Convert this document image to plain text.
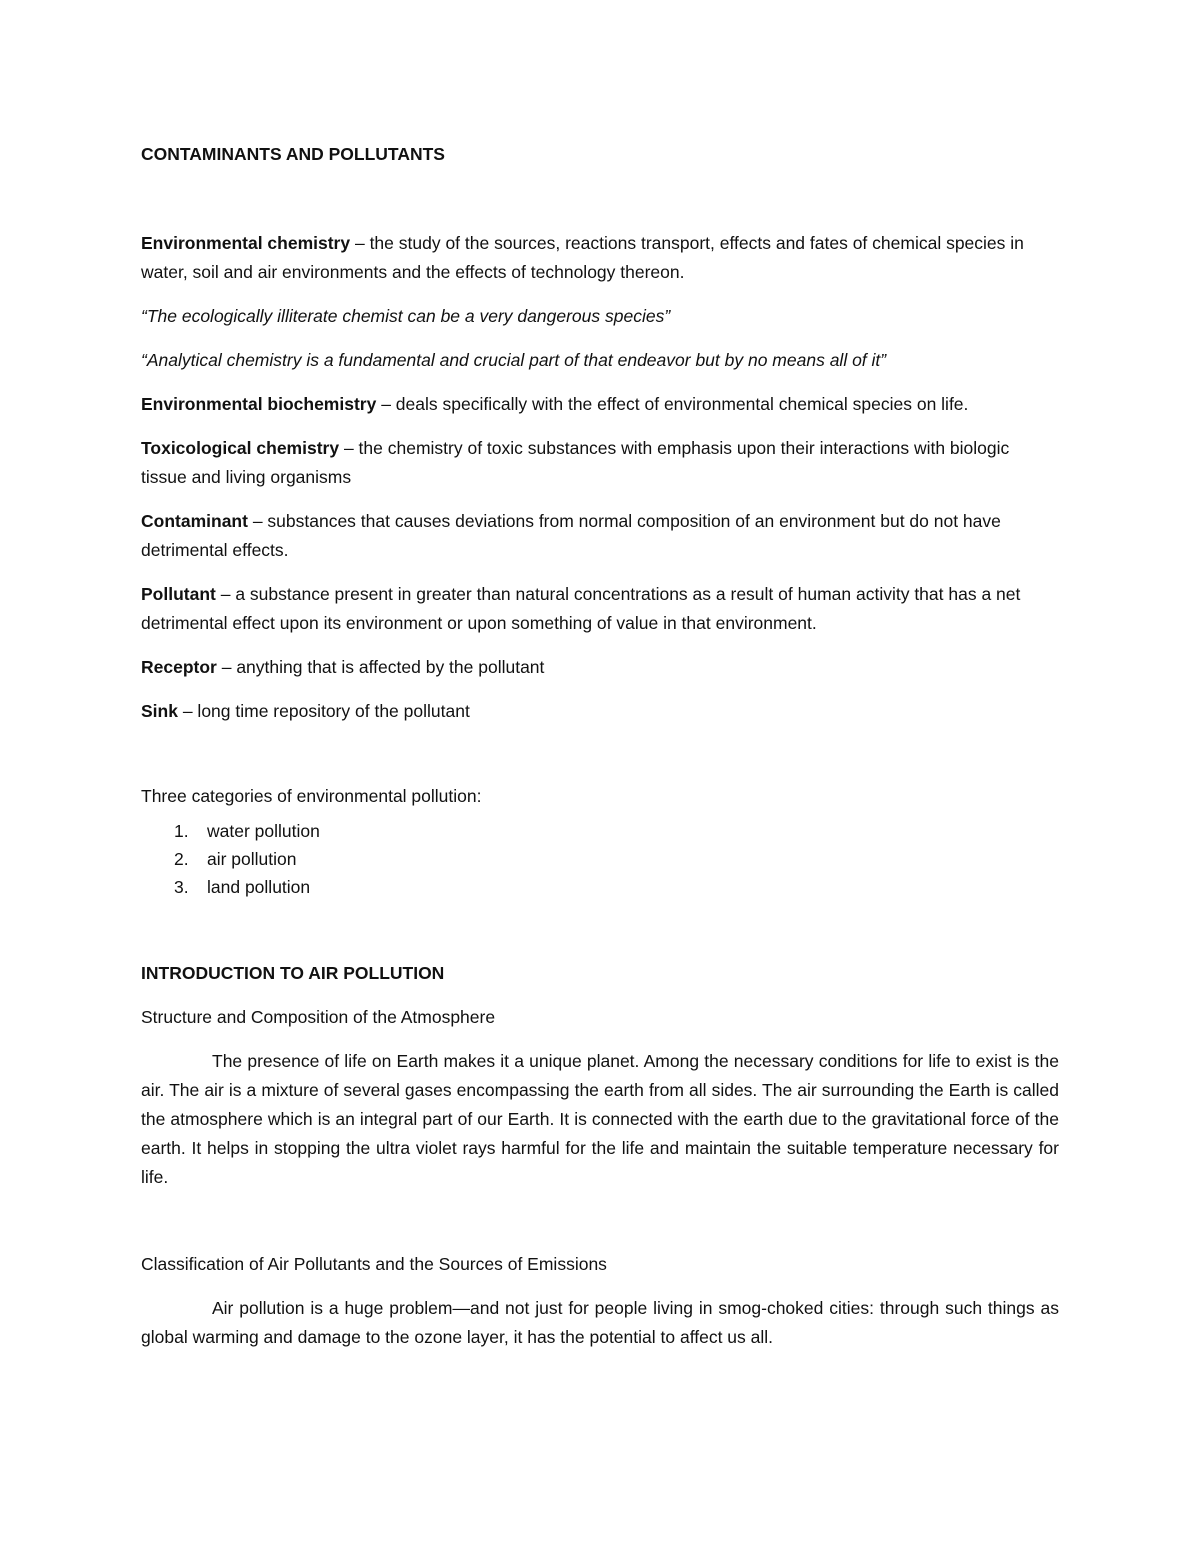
CONTAMINANTS AND POLLUTANTS

Environmental chemistry – the study of the sources, reactions transport, effects and fates of chemical species in water, soil and air environments and the effects of technology thereon.

“The ecologically illiterate chemist can be a very dangerous species”

“Analytical chemistry is a fundamental and crucial part of that endeavor but by no means all of it”

Environmental biochemistry – deals specifically with the effect of environmental chemical species on life.

Toxicological chemistry – the chemistry of toxic substances with emphasis upon their interactions with biologic tissue and living organisms

Contaminant – substances that causes deviations from normal composition of an environment but do not have detrimental effects.

Pollutant – a substance present in greater than natural concentrations as a result of human activity that has a net detrimental effect upon its environment or upon something of value in that environment.

Receptor – anything that is affected by the pollutant

Sink – long time repository of the pollutant

Three categories of environmental pollution:

1.	water pollution
2.	air pollution
3.	land pollution

INTRODUCTION TO AIR POLLUTION

Structure and Composition of the Atmosphere

The presence of life on Earth makes it a unique planet. Among the necessary conditions for life to exist is the air. The air is a mixture of several gases encompassing the earth from all sides. The air surrounding the Earth is called the atmosphere which is an integral part of our Earth. It is connected with the earth due to the gravitational force of the earth. It helps in stopping the ultra violet rays harmful for the life and maintain the suitable temperature necessary for life.

Classification of Air Pollutants and the Sources of Emissions

Air pollution is a huge problem—and not just for people living in smog-choked cities: through such things as global warming and damage to the ozone layer, it has the potential to affect us all.
